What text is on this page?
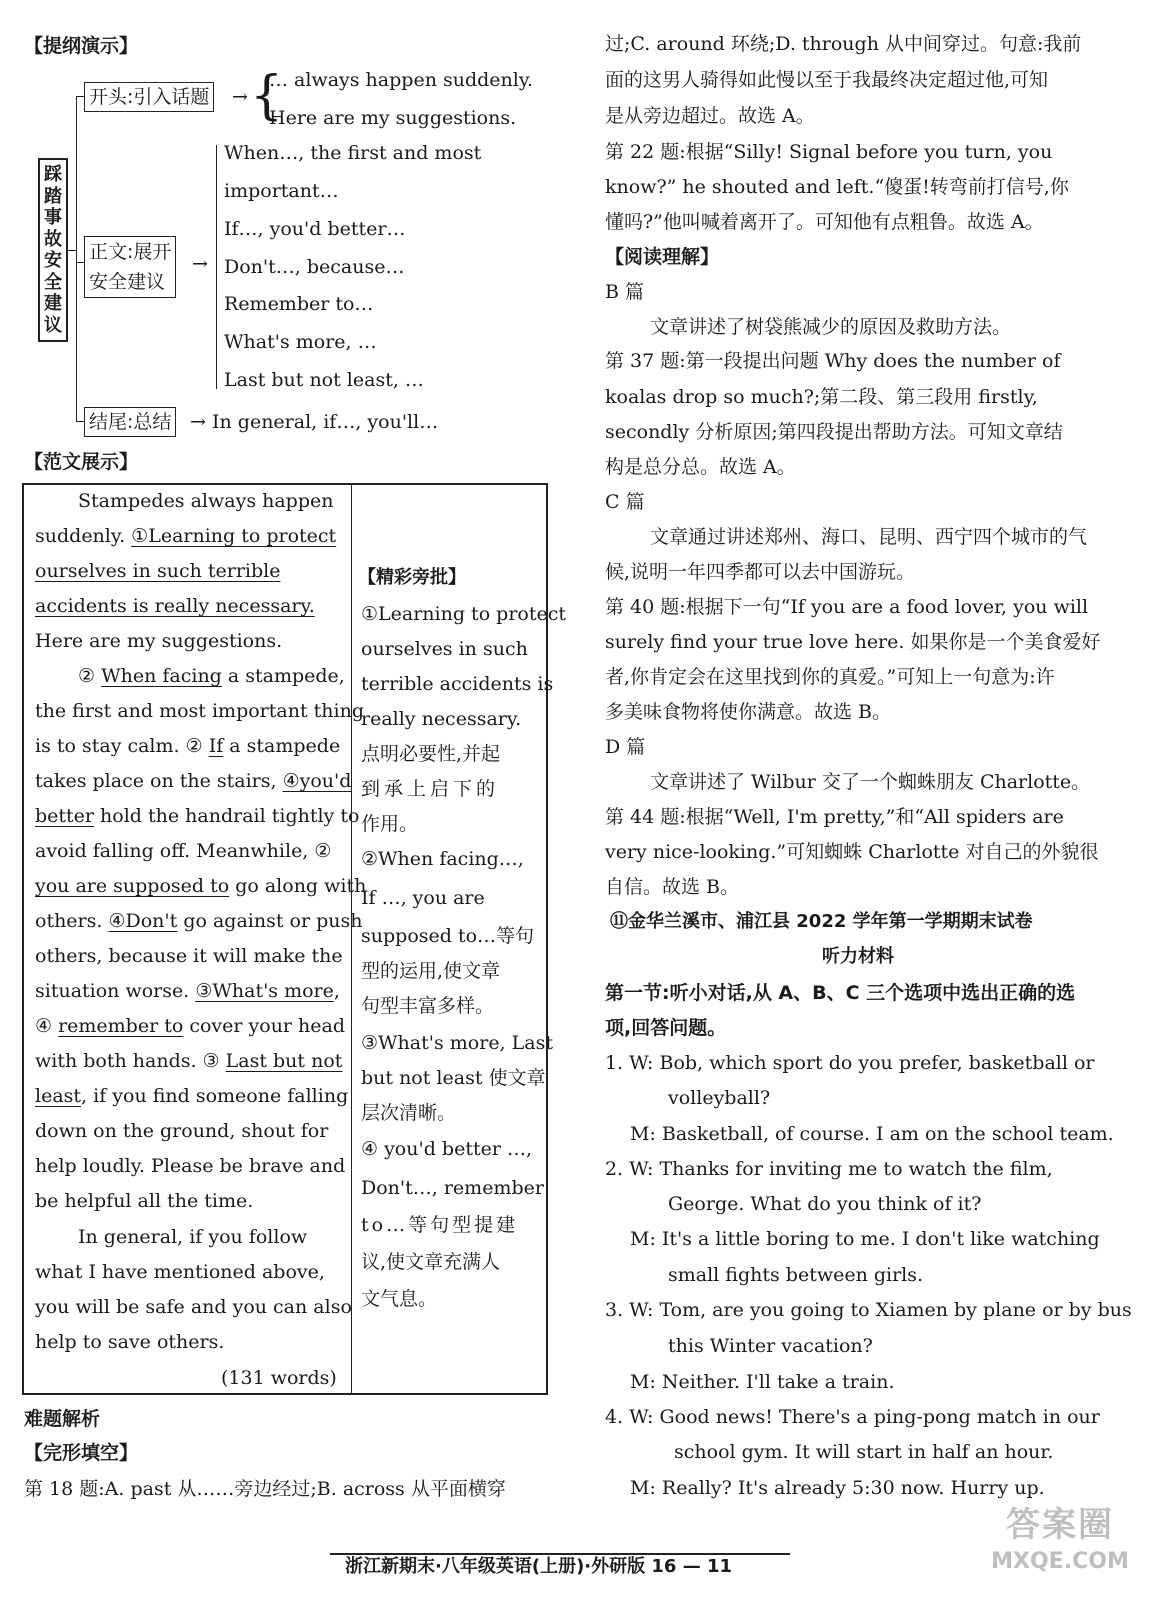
【提纲演示】
踩踏事故安全建议
开头:引入话题 → {
… always happen suddenly.
Here are my suggestions.
正文:展开
安全建议
→
When…, the first and most
important…
If…, you'd better…
Don't…, because…
Remember to…
What's more, …
Last but not least, …
结尾:总结 → In general, if…, you'll…
【范文展示】
Stampedes always happen
suddenly. ①Learning to protect
ourselves in such terrible
accidents is really necessary.
Here are my suggestions.
② When facing a stampede,
the first and most important thing
is to stay calm. ② If a stampede
takes place on the stairs, ④you'd
better hold the handrail tightly to
avoid falling off. Meanwhile, ②
you are supposed to go along with
others. ④Don't go against or push
others, because it will make the
situation worse. ③What's more,
④ remember to cover your head
with both hands. ③ Last but not
least, if you find someone falling
down on the ground, shout for
help loudly. Please be brave and
be helpful all the time.
In general, if you follow
what I have mentioned above,
you will be safe and you can also
help to save others.
(131 words)
【精彩旁批】
①Learning to protect
ourselves in such
terrible accidents is
really necessary.
点明必要性,并起
到承上启下的
作用。
②When facing…,
If …, you are
supposed to…等句
型的运用,使文章
句型丰富多样。
③What's more, Last
but not least 使文章
层次清晰。
④ you'd better …,
Don't…, remember
to…等句型提建
议,使文章充满人
文气息。
难题解析
【完形填空】
第 18 题:A. past 从……旁边经过;B. across 从平面横穿
过;C. around 环绕;D. through 从中间穿过。句意:我前
面的这男人骑得如此慢以至于我最终决定超过他,可知
是从旁边超过。故选 A。
第 22 题:根据“Silly! Signal before you turn, you
know?” he shouted and left.“傻蛋!转弯前打信号,你
懂吗?”他叫喊着离开了。可知他有点粗鲁。故选 A。
【阅读理解】
B 篇
文章讲述了树袋熊减少的原因及救助方法。
第 37 题:第一段提出问题 Why does the number of
koalas drop so much?;第二段、第三段用 firstly,
secondly 分析原因;第四段提出帮助方法。可知文章结
构是总分总。故选 A。
C 篇
文章通过讲述郑州、海口、昆明、西宁四个城市的气
候,说明一年四季都可以去中国游玩。
第 40 题:根据下一句“If you are a food lover, you will
surely find your true love here. 如果你是一个美食爱好
者,你肯定会在这里找到你的真爱。”可知上一句意为:许
多美味食物将使你满意。故选 B。
D 篇
文章讲述了 Wilbur 交了一个蜘蛛朋友 Charlotte。
第 44 题:根据“Well, I'm pretty,”和“All spiders are
very nice-looking.”可知蜘蛛 Charlotte 对自己的外貌很
自信。故选 B。
⑪金华兰溪市、浦江县 2022 学年第一学期期末试卷
听力材料
第一节:听小对话,从 A、B、C 三个选项中选出正确的选
项,回答问题。
1. W: Bob, which sport do you prefer, basketball or
volleyball?
M: Basketball, of course. I am on the school team.
2. W: Thanks for inviting me to watch the film,
George. What do you think of it?
M: It's a little boring to me. I don't like watching
small fights between girls.
3. W: Tom, are you going to Xiamen by plane or by bus
this Winter vacation?
M: Neither. I'll take a train.
4. W: Good news! There's a ping-pong match in our
school gym. It will start in half an hour.
M: Really? It's already 5:30 now. Hurry up.
浙江新期末·八年级英语(上册)·外研版 16 — 11
答案圈
MXQE.COM
